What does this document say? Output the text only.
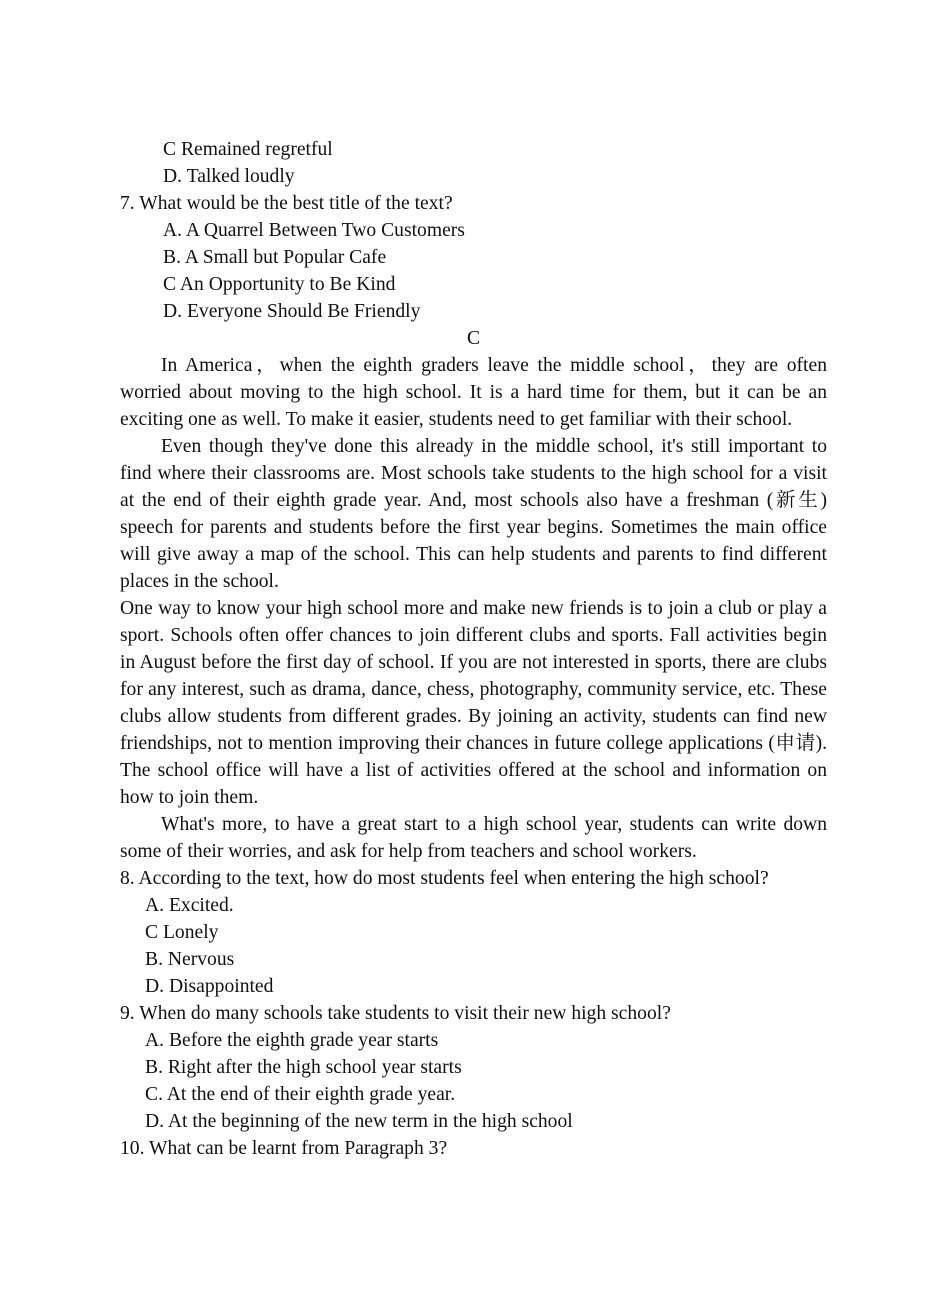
C Remained regretful
D. Talked loudly
7. What would be the best title of the text?
A. A Quarrel Between Two Customers
B. A Small but Popular Cafe
C An Opportunity to Be Kind
D. Everyone Should Be Friendly
C

In America，when the eighth graders leave the middle school，they are often worried about moving to the high school. It is a hard time for them, but it can be an exciting one as well. To make it easier, students need to get familiar with their school.

Even though they've done this already in the middle school, it's still important to find where their classrooms are. Most schools take students to the high school for a visit at the end of their eighth grade year. And, most schools also have a freshman (新生) speech for parents and students before the first year begins. Sometimes the main office will give away a map of the school. This can help students and parents to find different places in the school.

One way to know your high school more and make new friends is to join a club or play a sport. Schools often offer chances to join different clubs and sports. Fall activities begin in August before the first day of school. If you are not interested in sports, there are clubs for any interest, such as drama, dance, chess, photography, community service, etc. These clubs allow students from different grades. By joining an activity, students can find new friendships, not to mention improving their chances in future college applications (申请). The school office will have a list of activities offered at the school and information on how to join them.

What's more, to have a great start to a high school year, students can write down some of their worries, and ask for help from teachers and school workers.

8. According to the text, how do most students feel when entering the high school?
A. Excited.
C Lonely
B. Nervous
D. Disappointed
9. When do many schools take students to visit their new high school?
A. Before the eighth grade year starts
B. Right after the high school year starts
C. At the end of their eighth grade year.
D. At the beginning of the new term in the high school
10. What can be learnt from Paragraph 3?
